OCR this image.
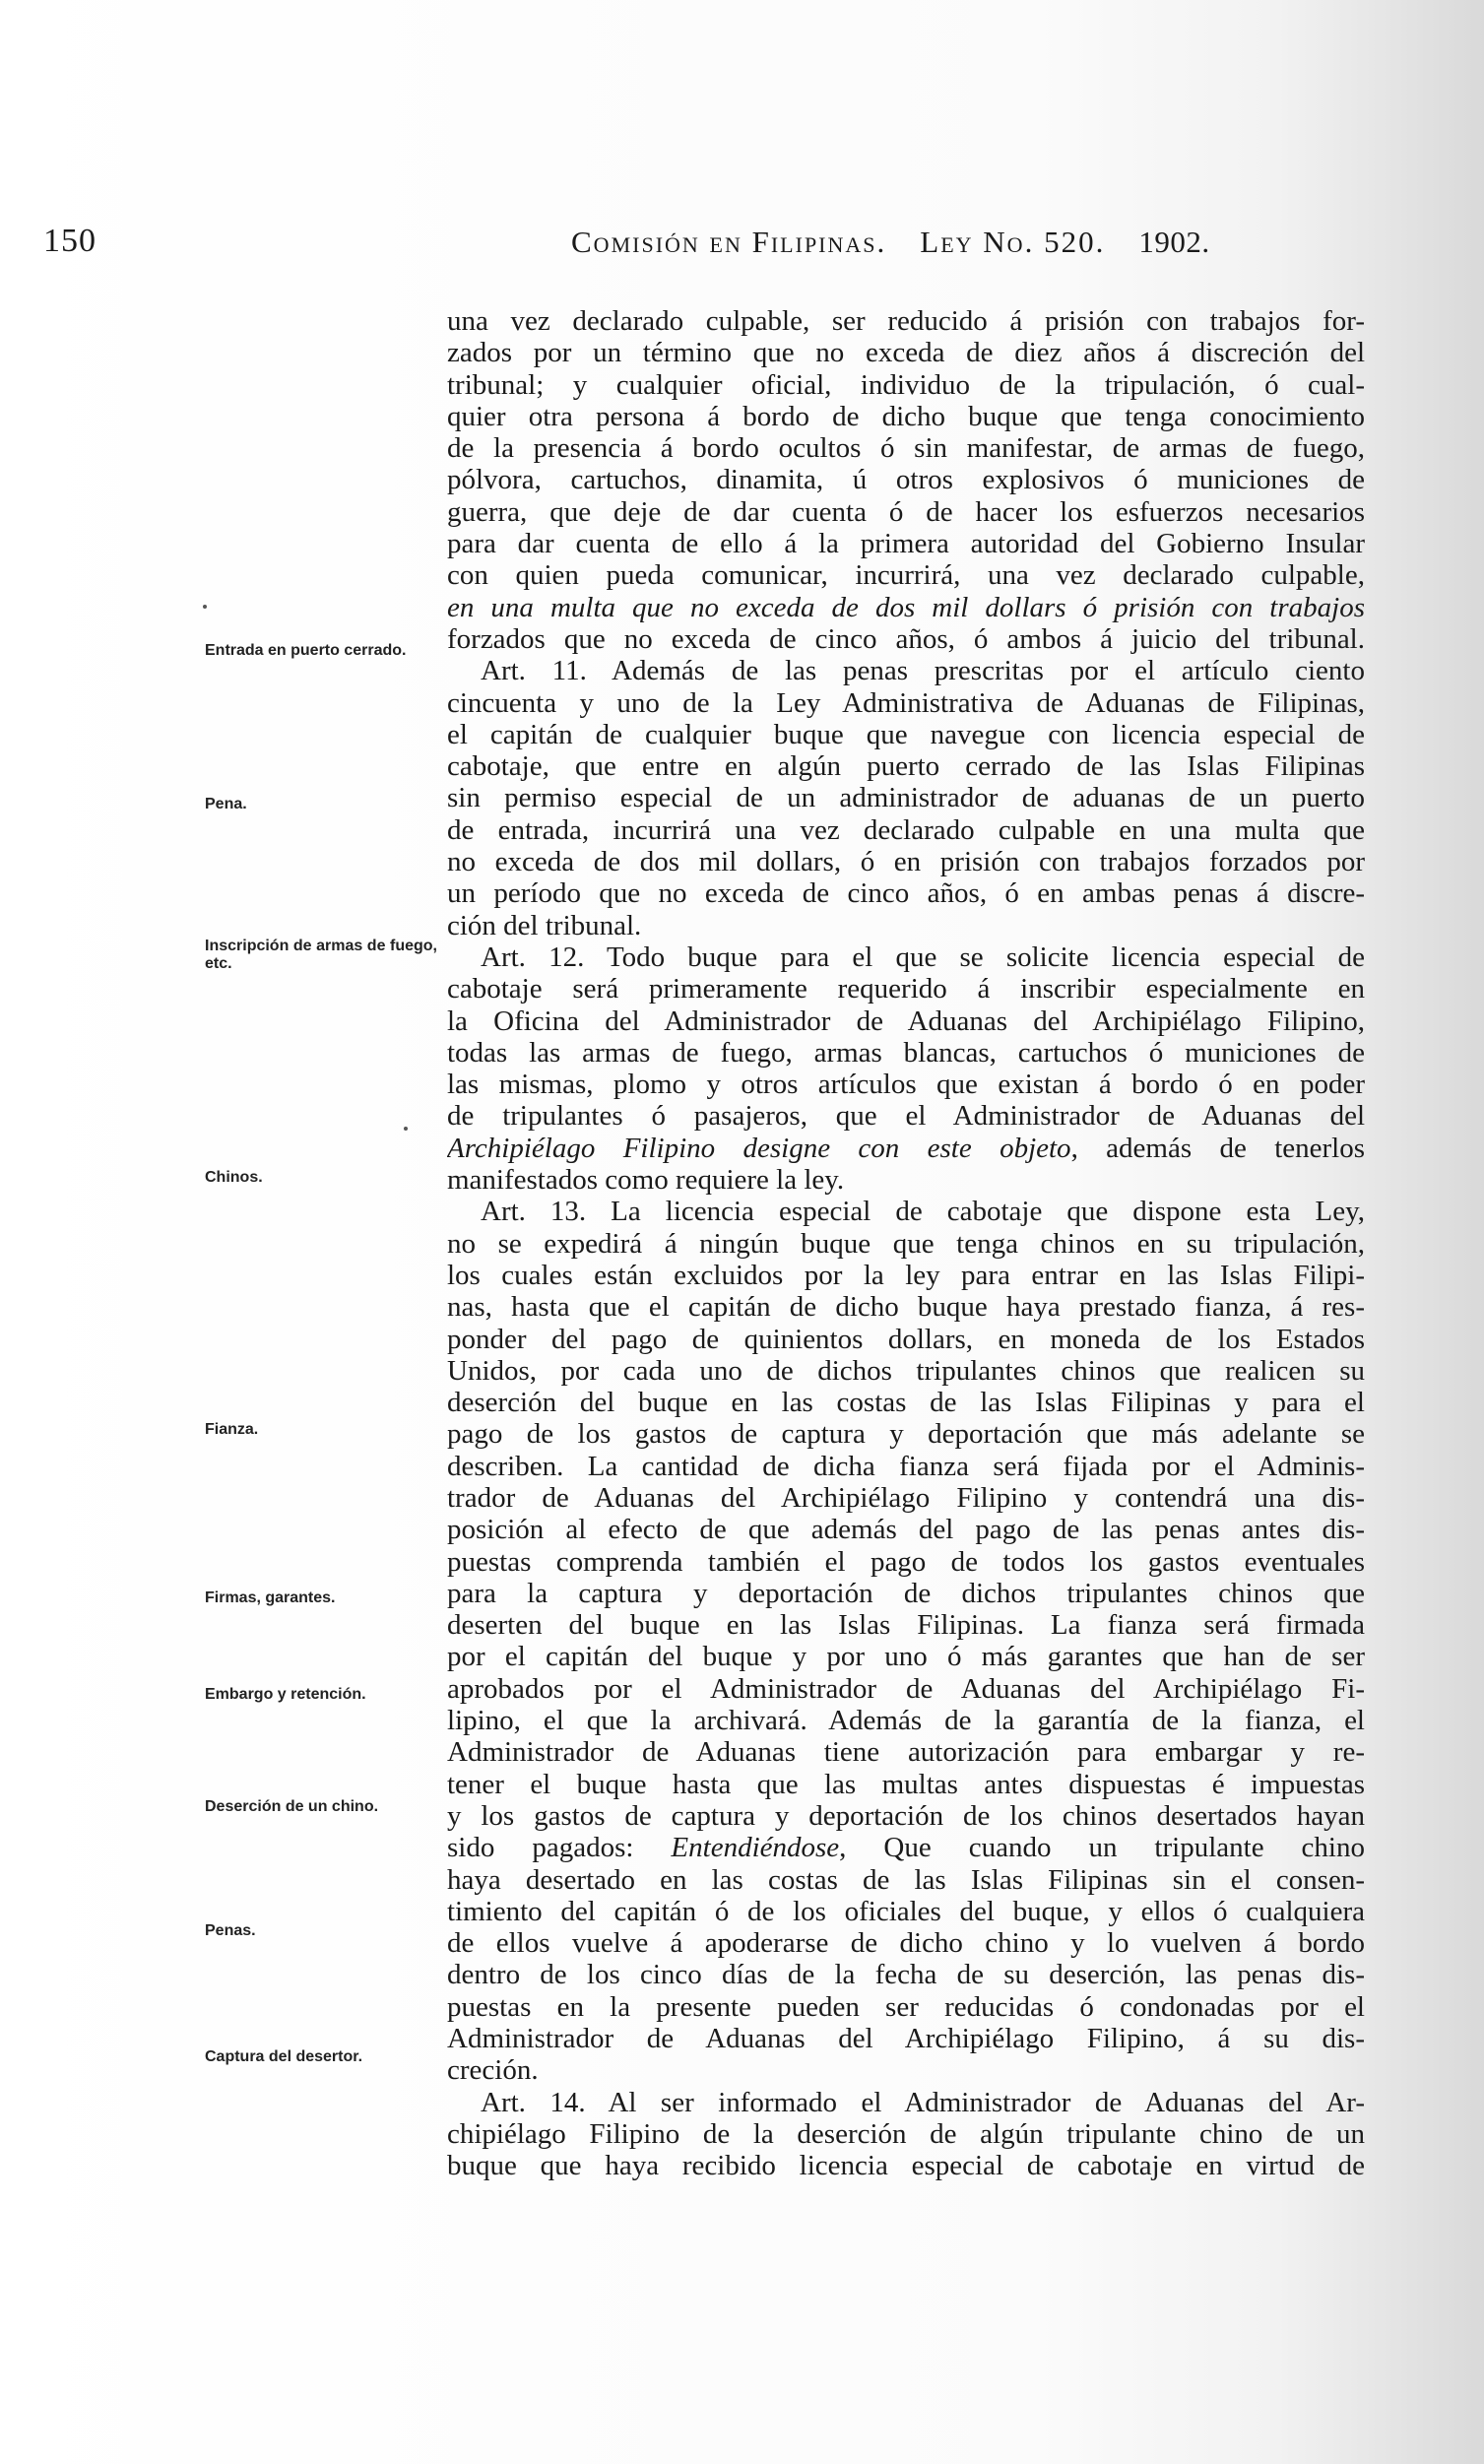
150	Comisión en Filipinas. Ley No. 520. 1902.
una vez declarado culpable, ser reducido á prisión con trabajos for-
zados por un término que no exceda de diez años á discreción del
tribunal; y cualquier oficial, individuo de la tripulación, ó cual-
quier otra persona á bordo de dicho buque que tenga conocimiento
de la presencia á bordo ocultos ó sin manifestar, de armas de fuego,
pólvora, cartuchos, dinamita, ú otros explosivos ó municiones de
guerra, que deje de dar cuenta ó de hacer los esfuerzos necesarios
para dar cuenta de ello á la primera autoridad del Gobierno Insular
con quien pueda comunicar, incurrirá, una vez declarado culpable,
en una multa que no exceda de dos mil dollars ó prisión con trabajos
forzados que no exceda de cinco años, ó ambos á juicio del tribunal.
Art. 11. Además de las penas prescritas por el artículo ciento
cincuenta y uno de la Ley Administrativa de Aduanas de Filipinas,
el capitán de cualquier buque que navegue con licencia especial de
cabotaje, que entre en algún puerto cerrado de las Islas Filipinas
sin permiso especial de un administrador de aduanas de un puerto
de entrada, incurrirá una vez declarado culpable en una multa que
no exceda de dos mil dollars, ó en prisión con trabajos forzados por
un período que no exceda de cinco años, ó en ambas penas á discre-
ción del tribunal.
Art. 12. Todo buque para el que se solicite licencia especial de
cabotaje será primeramente requerido á inscribir especialmente en
la Oficina del Administrador de Aduanas del Archipiélago Filipino,
todas las armas de fuego, armas blancas, cartuchos ó municiones de
las mismas, plomo y otros artículos que existan á bordo ó en poder
de tripulantes ó pasajeros, que el Administrador de Aduanas del
Archipiélago Filipino designe con este objeto, además de tenerlos
manifestados como requiere la ley.
Art. 13. La licencia especial de cabotaje que dispone esta Ley,
no se expedirá á ningún buque que tenga chinos en su tripulación,
los cuales están excluidos por la ley para entrar en las Islas Filipi-
nas, hasta que el capitán de dicho buque haya prestado fianza, á res-
ponder del pago de quinientos dollars, en moneda de los Estados
Unidos, por cada uno de dichos tripulantes chinos que realicen su
deserción del buque en las costas de las Islas Filipinas y para el
pago de los gastos de captura y deportación que más adelante se
describen. La cantidad de dicha fianza será fijada por el Adminis-
trador de Aduanas del Archipiélago Filipino y contendrá una dis-
posición al efecto de que además del pago de las penas antes dis-
puestas comprenda también el pago de todos los gastos eventuales
para la captura y deportación de dichos tripulantes chinos que
deserten del buque en las Islas Filipinas. La fianza será firmada
por el capitán del buque y por uno ó más garantes que han de ser
aprobados por el Administrador de Aduanas del Archipiélago Fi-
lipino, el que la archivará. Además de la garantía de la fianza, el
Administrador de Aduanas tiene autorización para embargar y re-
tener el buque hasta que las multas antes dispuestas é impuestas
y los gastos de captura y deportación de los chinos desertados hayan
sido pagados: Entendiéndose, Que cuando un tripulante chino
haya desertado en las costas de las Islas Filipinas sin el consen-
timiento del capitán ó de los oficiales del buque, y ellos ó cualquiera
de ellos vuelve á apoderarse de dicho chino y lo vuelven á bordo
dentro de los cinco días de la fecha de su deserción, las penas dis-
puestas en la presente pueden ser reducidas ó condonadas por el
Administrador de Aduanas del Archipiélago Filipino, á su dis-
creción.
Art. 14. Al ser informado el Administrador de Aduanas del Ar-
chipiélago Filipino de la deserción de algún tripulante chino de un
buque que haya recibido licencia especial de cabotaje en virtud de
Entrada en puerto cerrado.
Pena.
Inscripción de armas de fuego, etc.
Chinos.
Fianza.
Firmas, garantes.
Embargo y retención.
Deserción de un chino.
Penas.
Captura del desertor.
